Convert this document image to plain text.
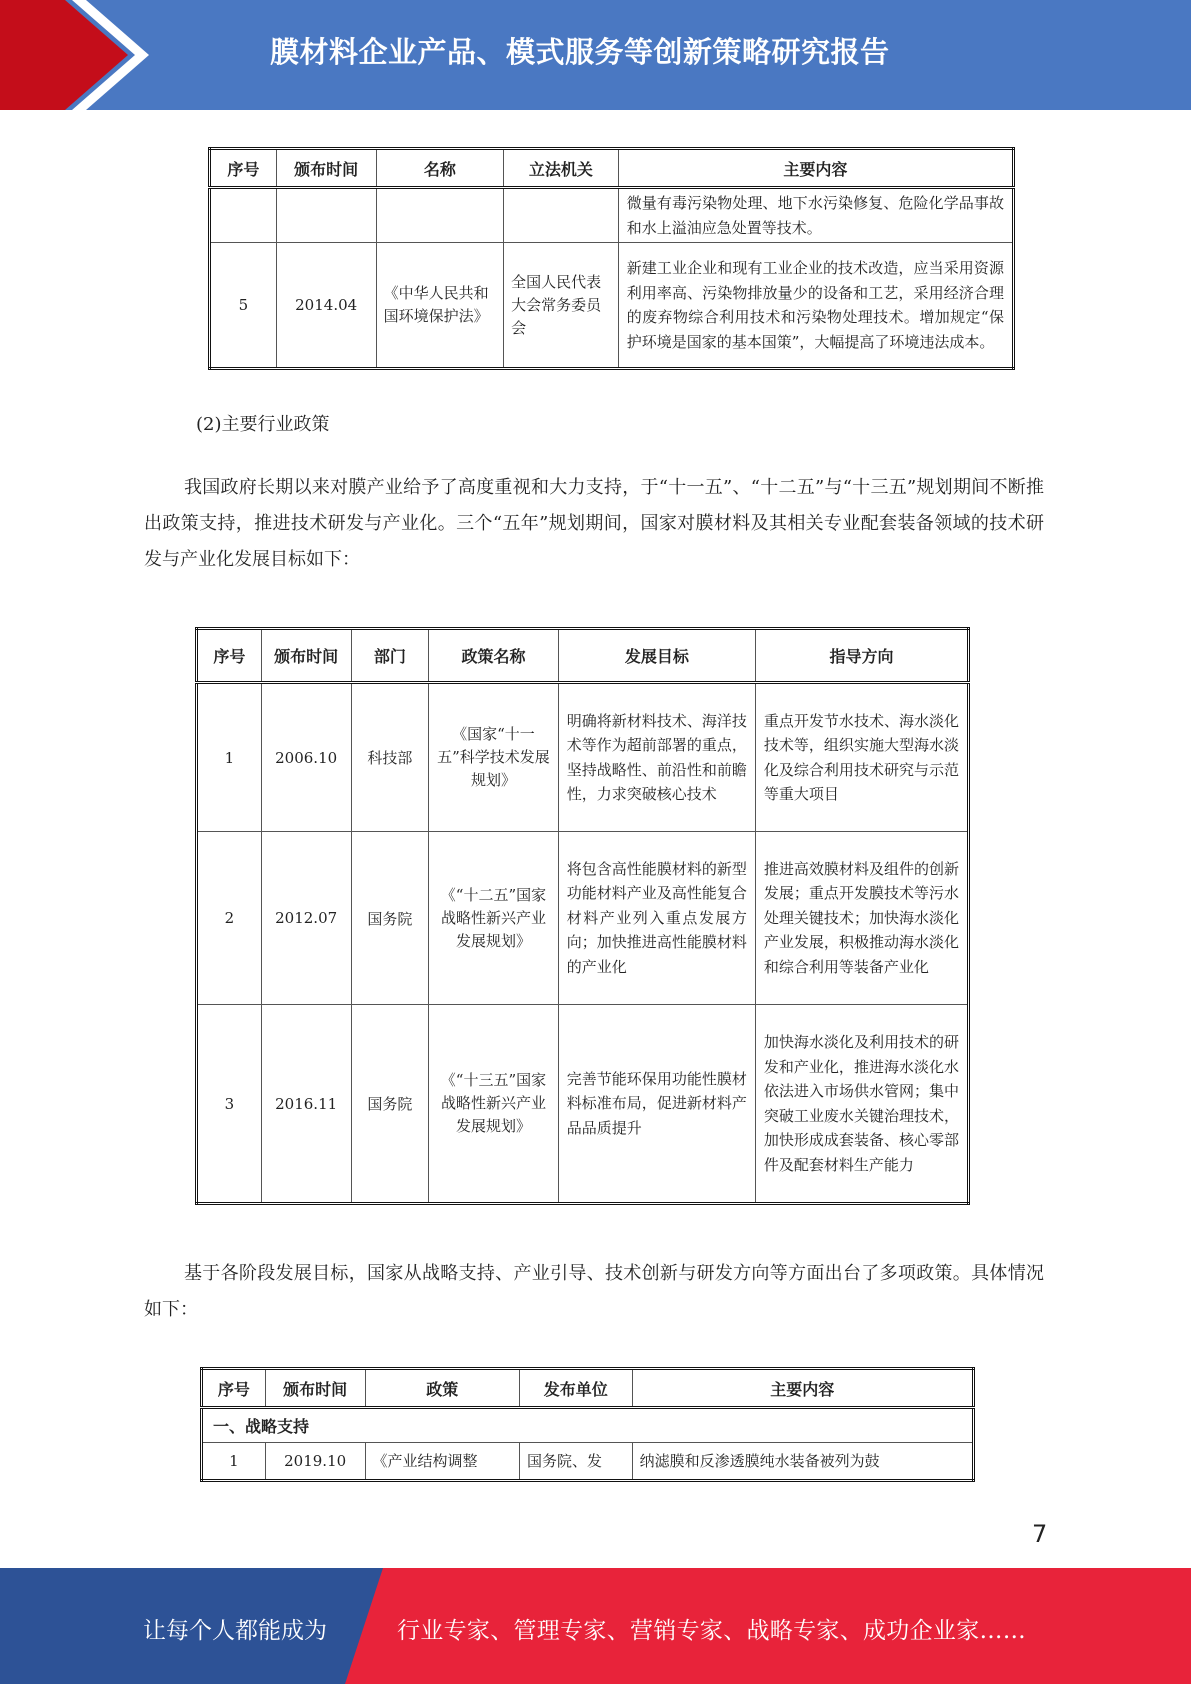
膜材料企业产品、模式服务等创新策略研究报告
序号	颁布时间	名称	立法机关	主要内容
				微量有毒污染物处理、地下水污染修复、危险化学品事故和水上溢油应急处置等技术。
5	2014.04	《中华人民共和国环境保护法》	全国人民代表大会常务委员会	新建工业企业和现有工业企业的技术改造，应当采用资源利用率高、污染物排放量少的设备和工艺，采用经济合理的废弃物综合利用技术和污染物处理技术。增加规定“保护环境是国家的基本国策”，大幅提高了环境违法成本。
(2)主要行业政策
我国政府长期以来对膜产业给予了高度重视和大力支持，于“十一五”、“十二五”与“十三五”规划期间不断推出政策支持，推进技术研发与产业化。三个“五年”规划期间，国家对膜材料及其相关专业配套装备领域的技术研发与产业化发展目标如下：
序号	颁布时间	部门	政策名称	发展目标	指导方向
1	2006.10	科技部	《国家“十一五”科学技术发展规划》	明确将新材料技术、海洋技术等作为超前部署的重点，坚持战略性、前沿性和前瞻性，力求突破核心技术	重点开发节水技术、海水淡化技术等，组织实施大型海水淡化及综合利用技术研究与示范等重大项目
2	2012.07	国务院	《“十二五”国家战略性新兴产业发展规划》	将包含高性能膜材料的新型功能材料产业及高性能复合材料产业列入重点发展方向；加快推进高性能膜材料的产业化	推进高效膜材料及组件的创新发展；重点开发膜技术等污水处理关键技术；加快海水淡化产业发展，积极推动海水淡化和综合利用等装备产业化
3	2016.11	国务院	《“十三五”国家战略性新兴产业发展规划》	完善节能环保用功能性膜材料标准布局，促进新材料产品品质提升	加快海水淡化及利用技术的研发和产业化，推进海水淡化水依法进入市场供水管网；集中突破工业废水关键治理技术，加快形成成套装备、核心零部件及配套材料生产能力
基于各阶段发展目标，国家从战略支持、产业引导、技术创新与研发方向等方面出台了多项政策。具体情况如下：
序号	颁布时间	政策	发布单位	主要内容
一、战略支持				
1	2019.10	《产业结构调整	国务院、发	纳滤膜和反渗透膜纯水装备被列为鼓
7
让每个人都能成为	行业专家、管理专家、营销专家、战略专家、成功企业家……
